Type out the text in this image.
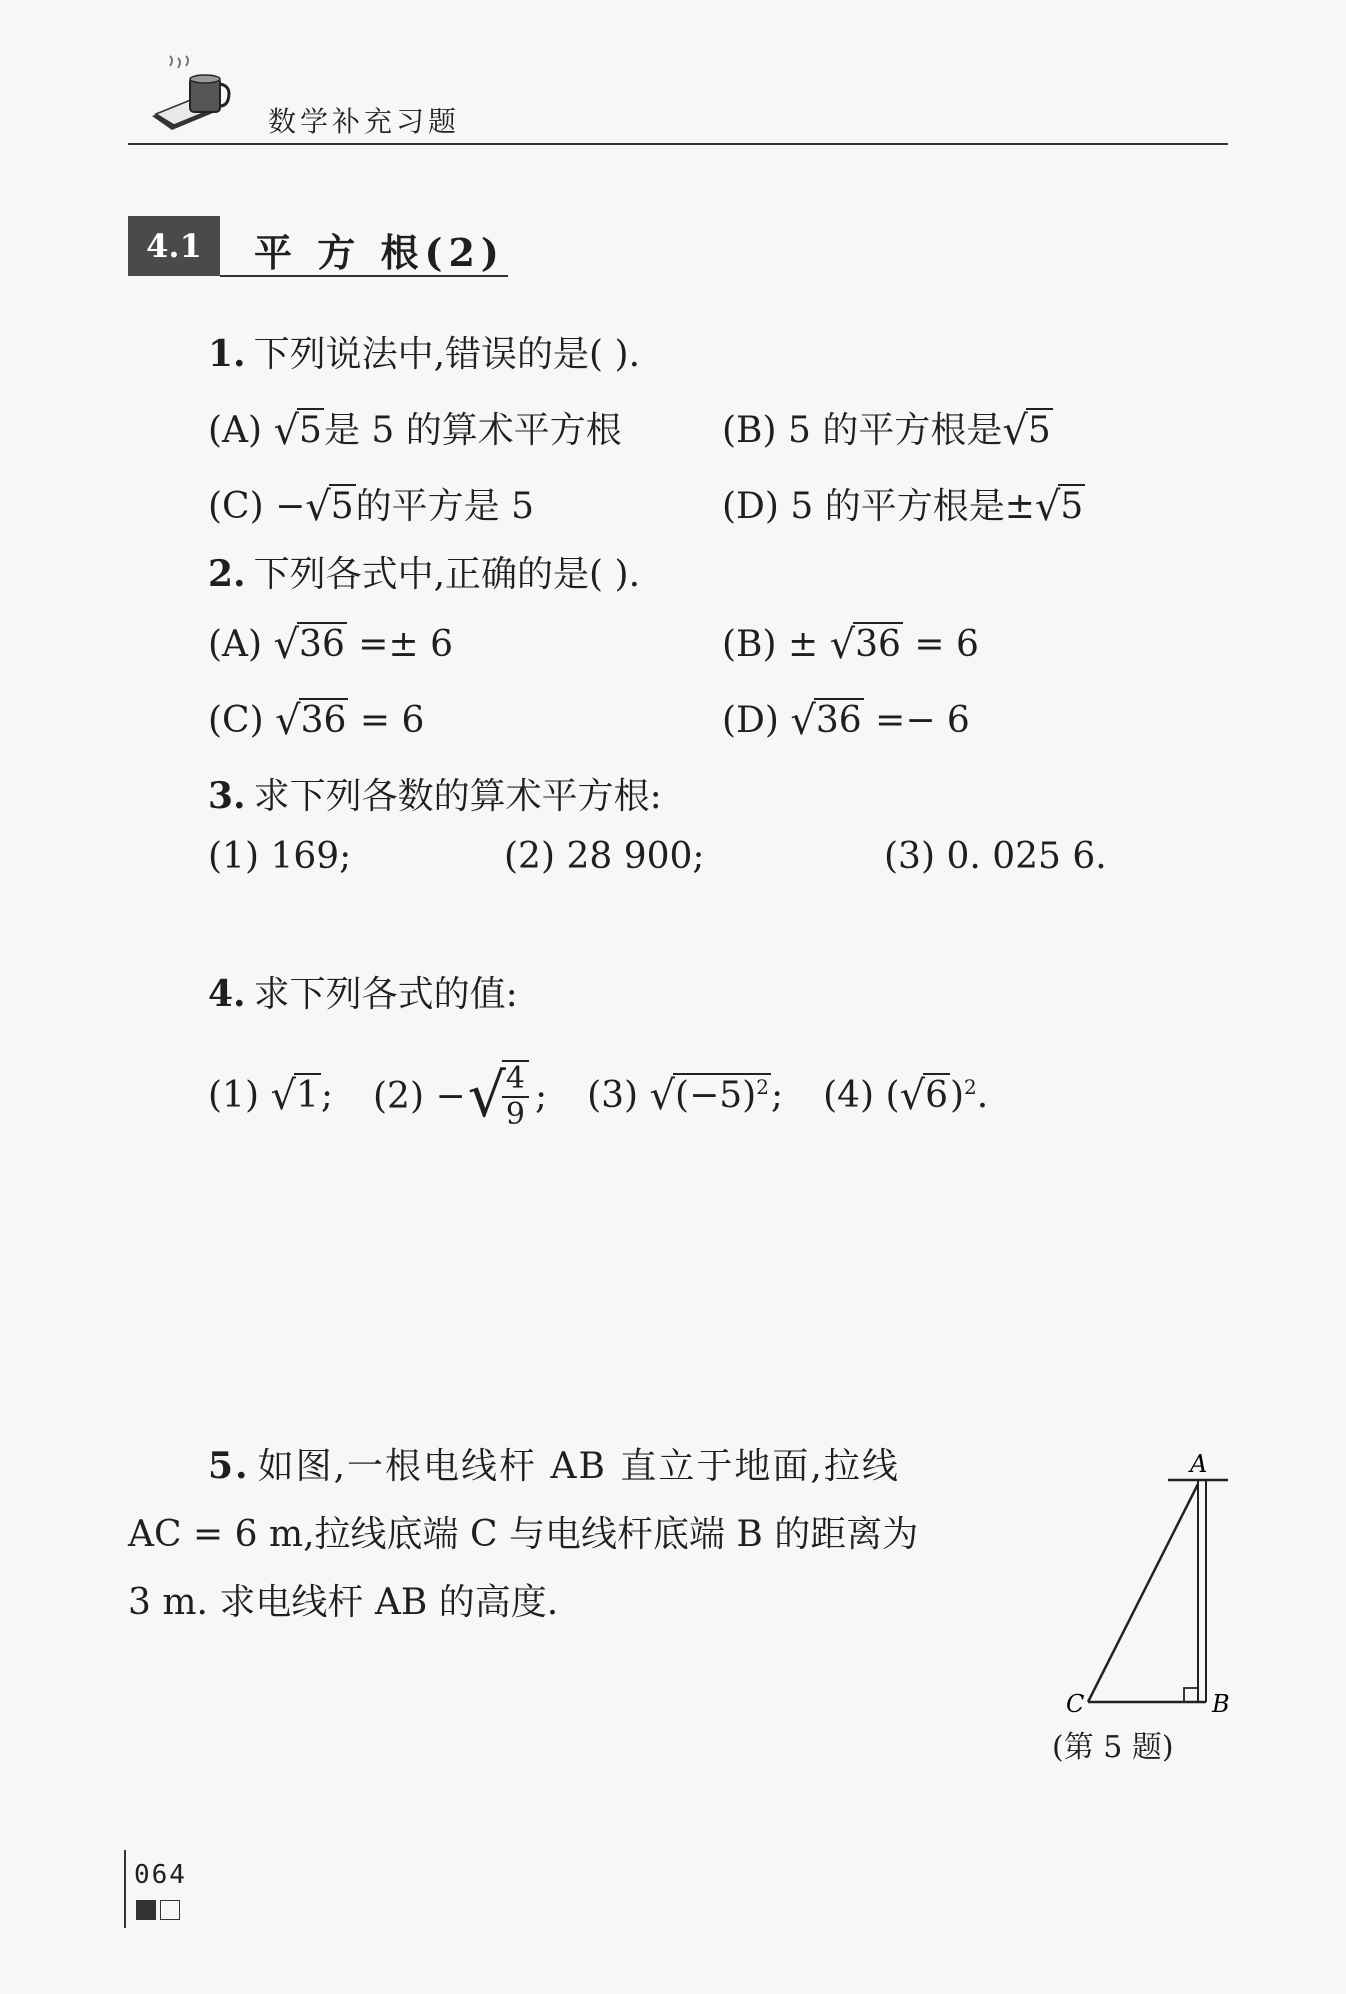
数学补充习题
4.1	平 方 根(2)
1. 下列说法中,错误的是( ).
(A) √5是 5 的算术平方根	(B) 5 的平方根是√5
(C) −√5的平方是 5	(D) 5 的平方根是±√5
2. 下列各式中,正确的是( ).
(A) √36 =± 6	(B) ± √36 = 6
(C) √36 = 6	(D) √36 =− 6
3. 求下列各数的算术平方根:
(1) 169;	(2) 28 900;	(3) 0. 025 6.
4. 求下列各式的值:
(1) √1; (2) − √
$\frac{4}{9}$ ; (3) $√(-5)^2$; (4) $(√6)^2$.
5. 如图,一根电线杆 AB 直立于地面,拉线
AC = 6 m,拉线底端 C 与电线杆底端 B 的距离为
3 m. 求电线杆 AB 的高度.
A
B
C
(第 5 题)
064
